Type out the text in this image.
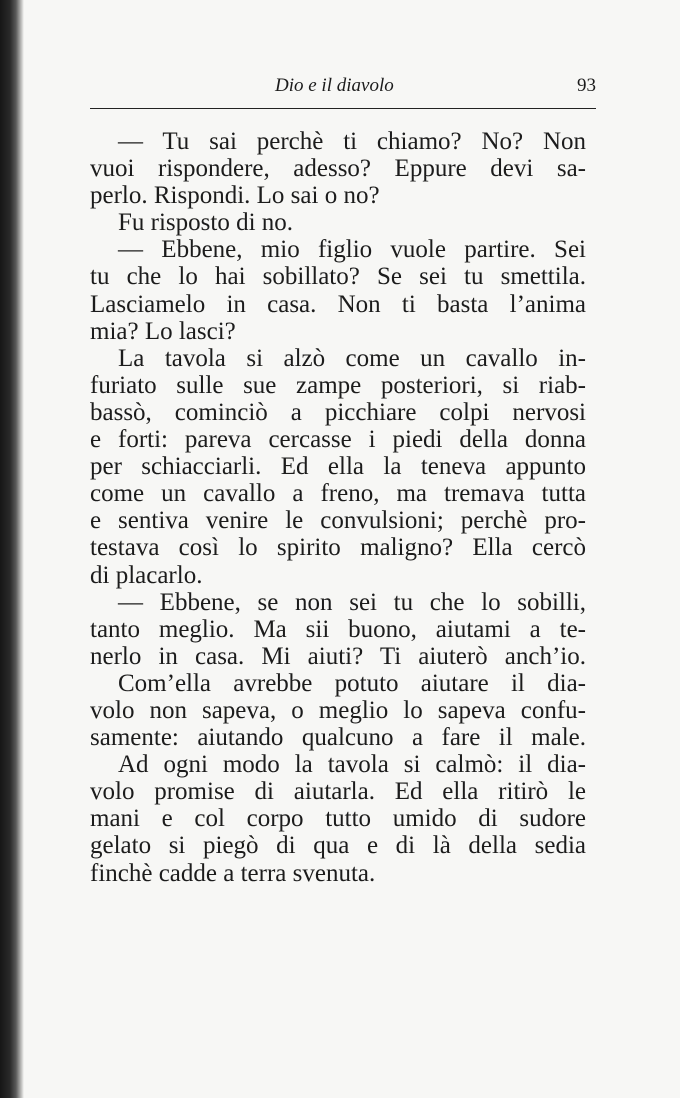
Dio e il diavolo	93
— Tu sai perchè ti chiamo? No? Non
vuoi rispondere, adesso? Eppure devi sa-
perlo. Rispondi. Lo sai o no?
Fu risposto di no.
— Ebbene, mio figlio vuole partire. Sei
tu che lo hai sobillato? Se sei tu smettila.
Lasciamelo in casa. Non ti basta l’anima
mia? Lo lasci?
La tavola si alzò come un cavallo in-
furiato sulle sue zampe posteriori, si riab-
bassò, cominciò a picchiare colpi nervosi
e forti: pareva cercasse i piedi della donna
per schiacciarli. Ed ella la teneva appunto
come un cavallo a freno, ma tremava tutta
e sentiva venire le convulsioni; perchè pro-
testava così lo spirito maligno? Ella cercò
di placarlo.
— Ebbene, se non sei tu che lo sobilli,
tanto meglio. Ma sii buono, aiutami a te-
nerlo in casa. Mi aiuti? Ti aiuterò anch’io.
Com’ella avrebbe potuto aiutare il dia-
volo non sapeva, o meglio lo sapeva confu-
samente: aiutando qualcuno a fare il male.
Ad ogni modo la tavola si calmò: il dia-
volo promise di aiutarla. Ed ella ritirò le
mani e col corpo tutto umido di sudore
gelato si piegò di qua e di là della sedia
finchè cadde a terra svenuta.
